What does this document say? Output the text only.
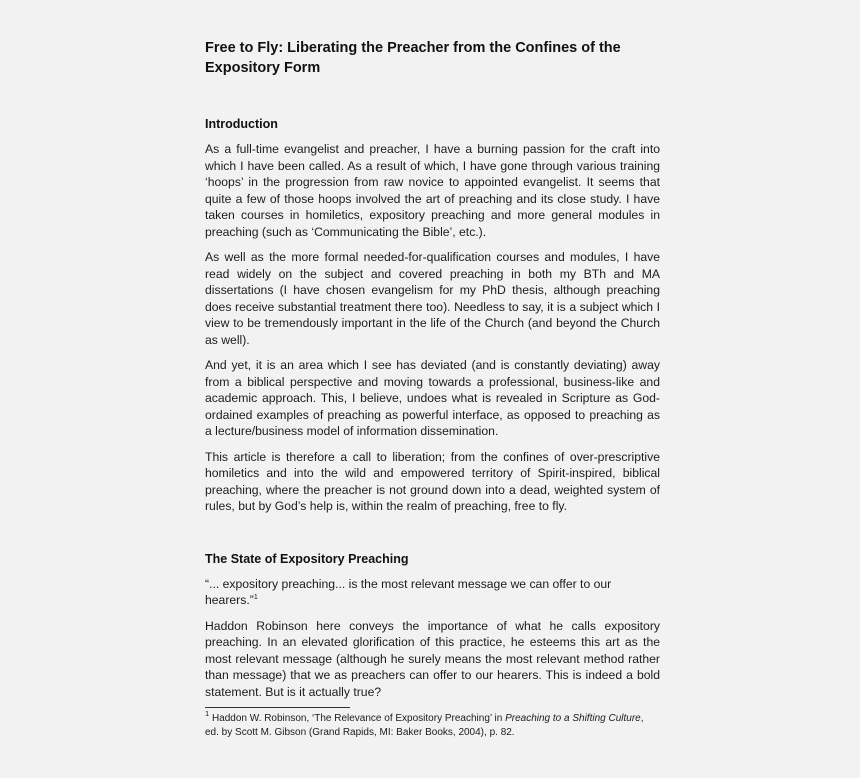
Free to Fly: Liberating the Preacher from the Confines of the Expository Form
Introduction

As a full-time evangelist and preacher, I have a burning passion for the craft into which I have been called. As a result of which, I have gone through various training ‘hoops’ in the progression from raw novice to appointed evangelist. It seems that quite a few of those hoops involved the art of preaching and its close study. I have taken courses in homiletics, expository preaching and more general modules in preaching (such as ‘Communicating the Bible’, etc.).

As well as the more formal needed-for-qualification courses and modules, I have read widely on the subject and covered preaching in both my BTh and MA dissertations (I have chosen evangelism for my PhD thesis, although preaching does receive substantial treatment there too). Needless to say, it is a subject which I view to be tremendously important in the life of the Church (and beyond the Church as well).

And yet, it is an area which I see has deviated (and is constantly deviating) away from a biblical perspective and moving towards a professional, business-like and academic approach. This, I believe, undoes what is revealed in Scripture as God-ordained examples of preaching as powerful interface, as opposed to preaching as a lecture/business model of information dissemination.

This article is therefore a call to liberation; from the confines of over-prescriptive homiletics and into the wild and empowered territory of Spirit-inspired, biblical preaching, where the preacher is not ground down into a dead, weighted system of rules, but by God’s help is, within the realm of preaching, free to fly.

The State of Expository Preaching

“... expository preaching... is the most relevant message we can offer to our hearers.”$^1$

Haddon Robinson here conveys the importance of what he calls expository preaching. In an elevated glorification of this practice, he esteems this art as the most relevant message (although he surely means the most relevant method rather than message) that we as preachers can offer to our hearers. This is indeed a bold statement. But is it actually true?

$^1$ Haddon W. Robinson, ‘The Relevance of Expository Preaching’ in Preaching to a Shifting Culture, ed. by Scott M. Gibson (Grand Rapids, MI: Baker Books, 2004), p. 82.
